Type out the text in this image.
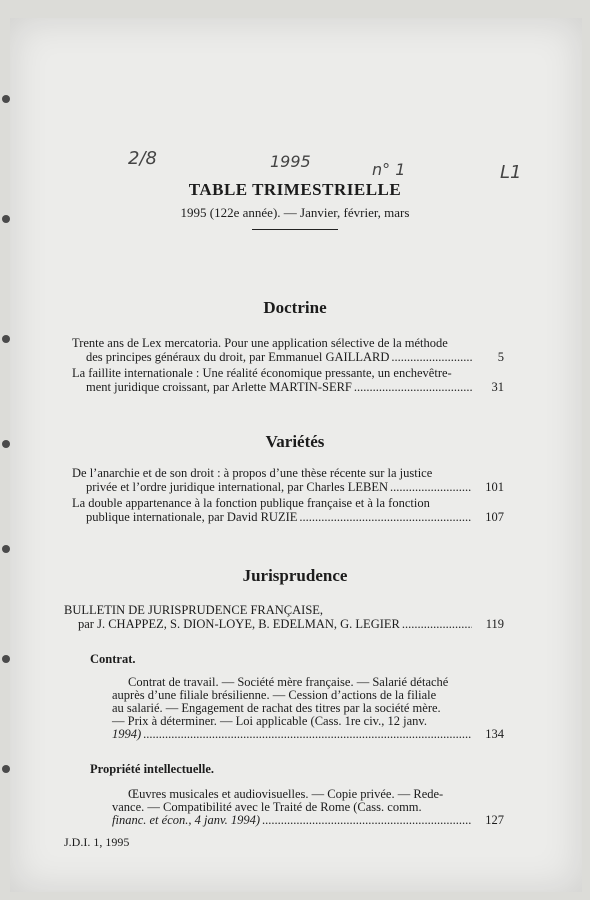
2/8	1995	n° 1	L1
TABLE TRIMESTRIELLE
1995 (122e année). — Janvier, février, mars
Doctrine
Trente ans de Lex mercatoria. Pour une application sélective de la méthode
des principes généraux du droit, par Emmanuel GAILLARD .....	5
La faillite internationale : Une réalité économique pressante, un enchevêtre-
ment juridique croissant, par Arlette MARTIN-SERF .....	31
Variétés
De l’anarchie et de son droit : à propos d’une thèse récente sur la justice
privée et l’ordre juridique international, par Charles LEBEN .....	101
La double appartenance à la fonction publique française et à la fonction
publique internationale, par David RUZIE .....	107
Jurisprudence
BULLETIN DE JURISPRUDENCE FRANÇAISE,
par J. CHAPPEZ, S. DION-LOYE, B. EDELMAN, G. LEGIER .....	119
Contrat.
Contrat de travail. — Société mère française. — Salarié détaché
auprès d’une filiale brésilienne. — Cession d’actions de la filiale
au salarié. — Engagement de rachat des titres par la société mère.
— Prix à déterminer. — Loi applicable (Cass. 1re civ., 12 janv.
1994) .....	134
Propriété intellectuelle.
Œuvres musicales et audiovisuelles. — Copie privée. — Rede-
vance. — Compatibilité avec le Traité de Rome (Cass. comm.
financ. et écon., 4 janv. 1994) .....	127
J.D.I. 1, 1995
